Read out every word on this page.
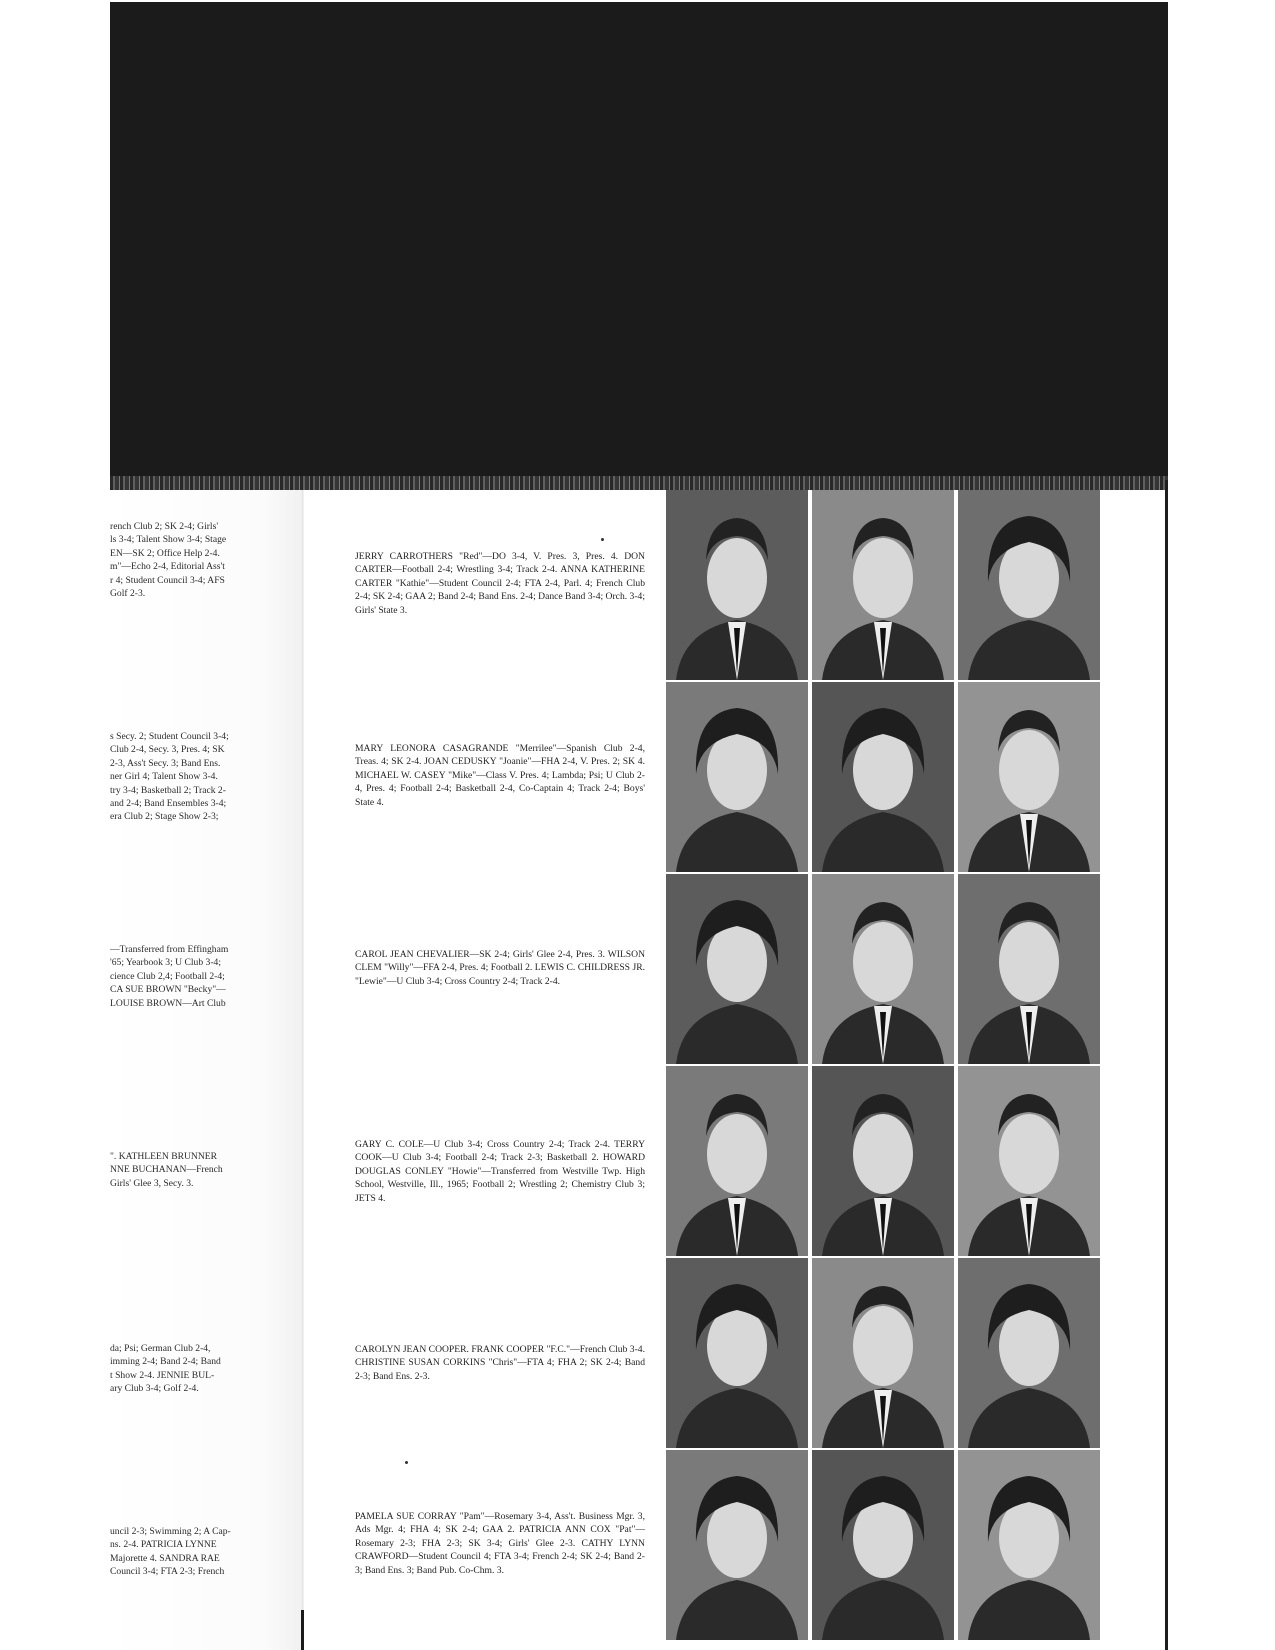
rench Club 2; SK 2-4; Girls'
ls 3-4; Talent Show 3-4; Stage
EN—SK 2; Office Help 2-4.
m"—Echo 2-4, Editorial Ass't
r 4; Student Council 3-4; AFS
Golf 2-3.
s Secy. 2; Student Council 3-4;
Club 2-4, Secy. 3, Pres. 4; SK
2-3, Ass't Secy. 3; Band Ens.
ner Girl 4; Talent Show 3-4.
try 3-4; Basketball 2; Track 2-
and 2-4; Band Ensembles 3-4;
era Club 2; Stage Show 2-3;
—Transferred from Effingham
'65; Yearbook 3; U Club 3-4;
cience Club 2,4; Football 2-4;
CA SUE BROWN "Becky"—
LOUISE BROWN—Art Club
". KATHLEEN BRUNNER
NNE BUCHANAN—French
Girls' Glee 3, Secy. 3.
da; Psi; German Club 2-4,
imming 2-4; Band 2-4; Band
t Show 2-4. JENNIE BUL-
ary Club 3-4; Golf 2-4.
uncil 2-3; Swimming 2; A Cap-
ns. 2-4. PATRICIA LYNNE
Majorette 4. SANDRA RAE
Council 3-4; FTA 2-3; French
JERRY CARROTHERS "Red"—DO 3-4, V. Pres. 3, Pres. 4. DON CARTER—Football 2-4; Wrestling 3-4; Track 2-4. ANNA KATHERINE CARTER "Kathie"—Student Council 2-4; FTA 2-4, Parl. 4; French Club 2-4; SK 2-4; GAA 2; Band 2-4; Band Ens. 2-4; Dance Band 3-4; Orch. 3-4; Girls' State 3.
MARY LEONORA CASAGRANDE "Merrilee"—Spanish Club 2-4, Treas. 4; SK 2-4. JOAN CEDUSKY "Joanie"—FHA 2-4, V. Pres. 2; SK 4. MICHAEL W. CASEY "Mike"—Class V. Pres. 4; Lambda; Psi; U Club 2-4, Pres. 4; Football 2-4; Basketball 2-4, Co-Captain 4; Track 2-4; Boys' State 4.
CAROL JEAN CHEVALIER—SK 2-4; Girls' Glee 2-4, Pres. 3. WILSON CLEM "Willy"—FFA 2-4, Pres. 4; Football 2. LEWIS C. CHILDRESS JR. "Lewie"—U Club 3-4; Cross Country 2-4; Track 2-4.
GARY C. COLE—U Club 3-4; Cross Country 2-4; Track 2-4. TERRY COOK—U Club 3-4; Football 2-4; Track 2-3; Basketball 2. HOWARD DOUGLAS CONLEY "Howie"—Transferred from Westville Twp. High School, Westville, Ill., 1965; Football 2; Wrestling 2; Chemistry Club 3; JETS 4.
CAROLYN JEAN COOPER. FRANK COOPER "F.C."—French Club 3-4. CHRISTINE SUSAN CORKINS "Chris"—FTA 4; FHA 2; SK 2-4; Band 2-3; Band Ens. 2-3.
PAMELA SUE CORRAY "Pam"—Rosemary 3-4, Ass't. Business Mgr. 3, Ads Mgr. 4; FHA 4; SK 2-4; GAA 2. PATRICIA ANN COX "Pat"—Rosemary 2-3; FHA 2-3; SK 3-4; Girls' Glee 2-3. CATHY LYNN CRAWFORD—Student Council 4; FTA 3-4; French 2-4; SK 2-4; Band 2-3; Band Ens. 3; Band Pub. Co-Chm. 3.
